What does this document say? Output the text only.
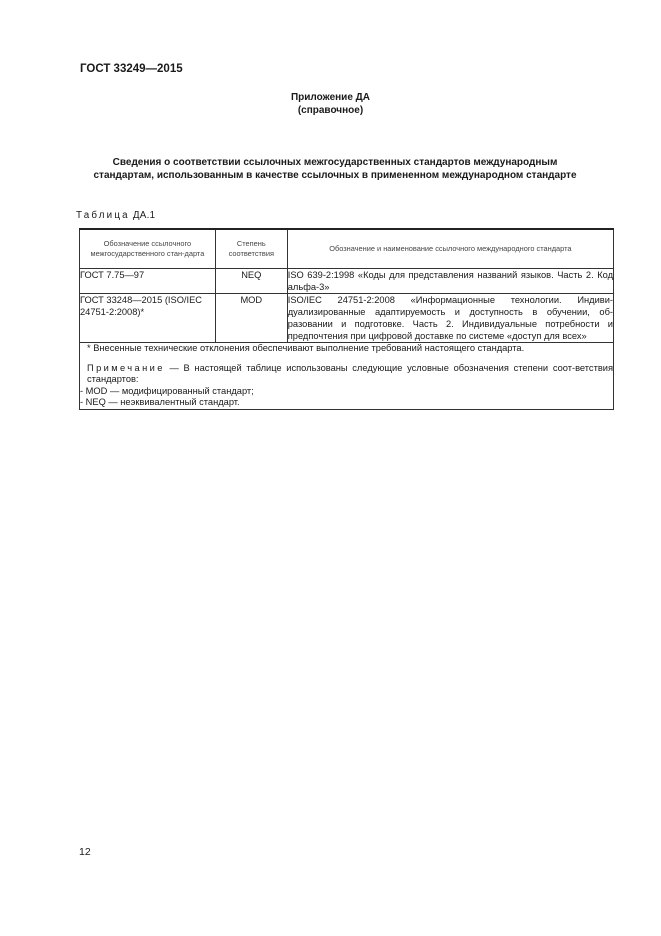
ГОСТ 33249—2015
Приложение ДА
(справочное)
Сведения о соответствии ссылочных межгосударственных стандартов международным стандартам, использованным в качестве ссылочных в примененном международном стандарте
Таблица ДА.1
Обозначение ссылочного межгосударственного стан-дарта	Степень соответствия	Обозначение и наименование ссылочного международного стандарта
ГОСТ 7.75—97	NEQ	ISO 639-2:1998 «Коды для представления названий языков. Часть 2. Код альфа-3»
ГОСТ 33248—2015 (ISO/IEC 24751-2:2008)*	MOD	ISO/IEC 24751-2:2008 «Информационные технологии. Индиви-дуализированные адаптируемость и доступность в обучении, об-разовании и подготовке. Часть 2. Индивидуальные потребности и предпочтения при цифровой доставке по системе «доступ для всех»

* Внесенные технические отклонения обеспечивают выполнение требований настоящего стандарта.
Примечание — В настоящей таблице использованы следующие условные обозначения степени соот-ветствия стандартов:
- MOD — модифицированный стандарт;
- NEQ — неэквивалентный стандарт.		
12
